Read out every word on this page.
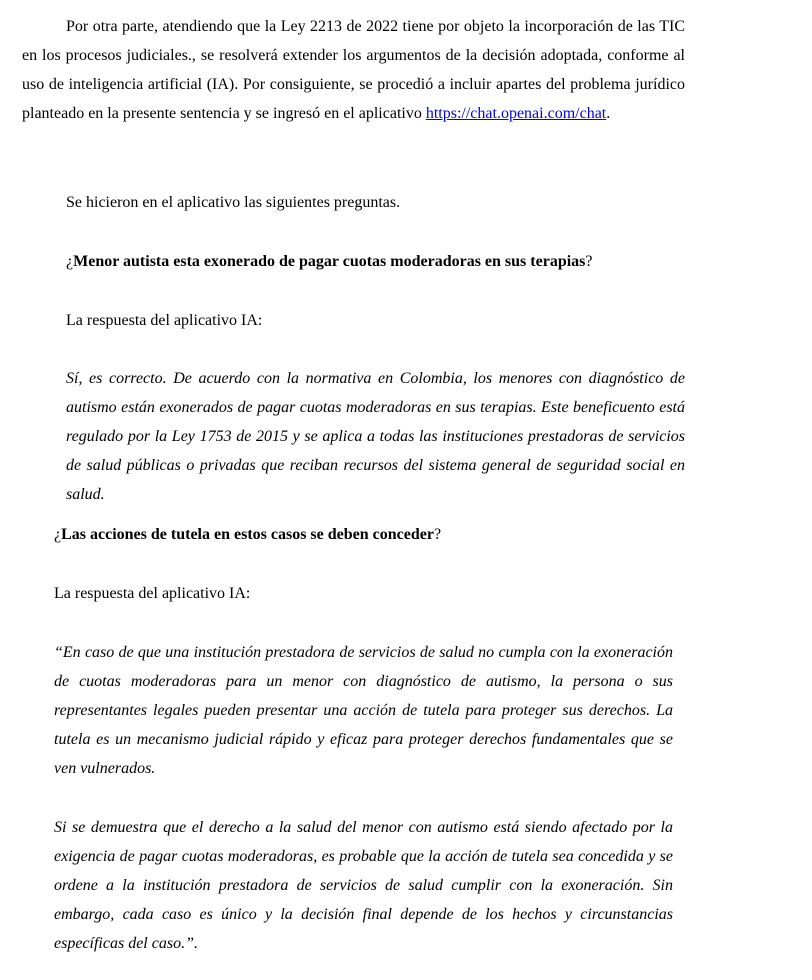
Por otra parte, atendiendo que la Ley 2213 de 2022 tiene por objeto la incorporación de las TIC en los procesos judiciales., se resolverá extender los argumentos de la decisión adoptada, conforme al uso de inteligencia artificial (IA). Por consiguiente, se procedió a incluir apartes del problema jurídico planteado en la presente sentencia y se ingresó en el aplicativo https://chat.openai.com/chat.

Se hicieron en el aplicativo las siguientes preguntas.

¿Menor autista esta exonerado de pagar cuotas moderadoras en sus terapias?

La respuesta del aplicativo IA:

Sí, es correcto. De acuerdo con la normativa en Colombia, los menores con diagnóstico de autismo están exonerados de pagar cuotas moderadoras en sus terapias. Este beneficuento está regulado por la Ley 1753 de 2015 y se aplica a todas las instituciones prestadoras de servicios de salud públicas o privadas que reciban recursos del sistema general de seguridad social en salud.

¿Las acciones de tutela en estos casos se deben conceder?

La respuesta del aplicativo IA:

“En caso de que una institución prestadora de servicios de salud no cumpla con la exoneración de cuotas moderadoras para un menor con diagnóstico de autismo, la persona o sus representantes legales pueden presentar una acción de tutela para proteger sus derechos. La tutela es un mecanismo judicial rápido y eficaz para proteger derechos fundamentales que se ven vulnerados.

Si se demuestra que el derecho a la salud del menor con autismo está siendo afectado por la exigencia de pagar cuotas moderadoras, es probable que la acción de tutela sea concedida y se ordene a la institución prestadora de servicios de salud cumplir con la exoneración. Sin embargo, cada caso es único y la decisión final depende de los hechos y circunstancias específicas del caso.”.
